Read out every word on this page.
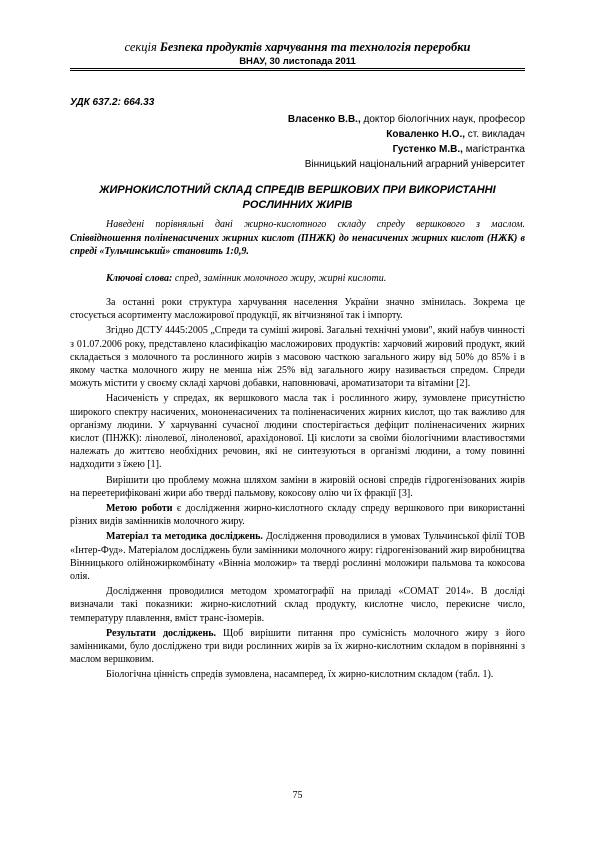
секція Безпека продуктів харчування та технологія переробки
ВНАУ, 30 листопада 2011
УДК 637.2: 664.33
Власенко В.В., доктор біологічних наук, професор
Коваленко Н.О., ст. викладач
Густенко М.В., магістрантка
Вінницький національний аграрний університет
ЖИРНОКИСЛОТНИЙ СКЛАД СПРЕДІВ ВЕРШКОВИХ ПРИ ВИКОРИСТАННІ РОСЛИННИХ ЖИРІВ
Наведені порівняльні дані жирно-кислотного складу спреду вершкового з маслом. Співвідношення поліненасичених жирних кислот (ПНЖК) до ненасичених жирних кислот (НЖК) в спреді «Тульчинський» становить 1:0,9.
Ключові слова: спред, замінник молочного жиру, жирні кислоти.

За останні роки структура харчування населення України значно змінилась. Зокрема це стосується асортименту масложирової продукції, як вітчизняної так і імпорту.

Згідно ДСТУ 4445:2005 „Спреди та суміші жирові. Загальні технічні умови", який набув чинності з 01.07.2006 року, представлено класифікацію масложирових продуктів: харчовий жировий продукт, який складається з молочного та рослинного жирів з масовою часткою загального жиру від 50% до 85% і в якому частка молочного жиру не менша ніж 25% від загального жиру називається спредом. Спреди можуть містити у своєму складі харчові добавки, наповнювачі, ароматизатори та вітаміни [2].

Насиченість у спредах, як вершкового масла так і рослинного жиру, зумовлене присутністю широкого спектру насичених, мононенасичених та поліненасичених жирних кислот, що так важливо для організму людини. У харчуванні сучасної людини спостерігається дефіцит поліненасичених жирних кислот (ПНЖК): лінолевої, ліноленової, арахідонової. Ці кислоти за своїми біологічними властивостями належать до життєво необхідних речовин, які не синтезуються в організмі людини, а тому повинні надходити з їжею [1].

Вирішити цю проблему можна шляхом заміни в жировій основі спредів гідрогенізованих жирів на переетерифіковані жири або тверді пальмову, кокосову олію чи їх фракції [3].

Метою роботи є дослідження жирно-кислотного складу спреду вершкового при використанні різних видів замінників молочного жиру.

Матеріал та методика досліджень. Дослідження проводилися в умовах Тульчинської філії ТОВ «Інтер-Фуд». Матеріалом досліджень були замінники молочного жиру: гідрогенізований жир виробництва Вінницького олійножиркомбінату «Вінніа моложир» та тверді рослинні моложири пальмова та кокосова олія.

Дослідження проводилися методом хроматографії на приладі «СОМАТ 2014». В досліді визначали такі показники: жирно-кислотний склад продукту, кислотне число, перекисне число, температуру плавлення, вміст транс-ізомерів.

Результати досліджень. Щоб вирішити питання про сумісність молочного жиру з його замінниками, було досліджено три види рослинних жирів за їх жирно-кислотним складом в порівнянні з маслом вершковим.

Біологічна цінність спредів зумовлена, насамперед, їх жирно-кислотним складом (табл. 1).

75
